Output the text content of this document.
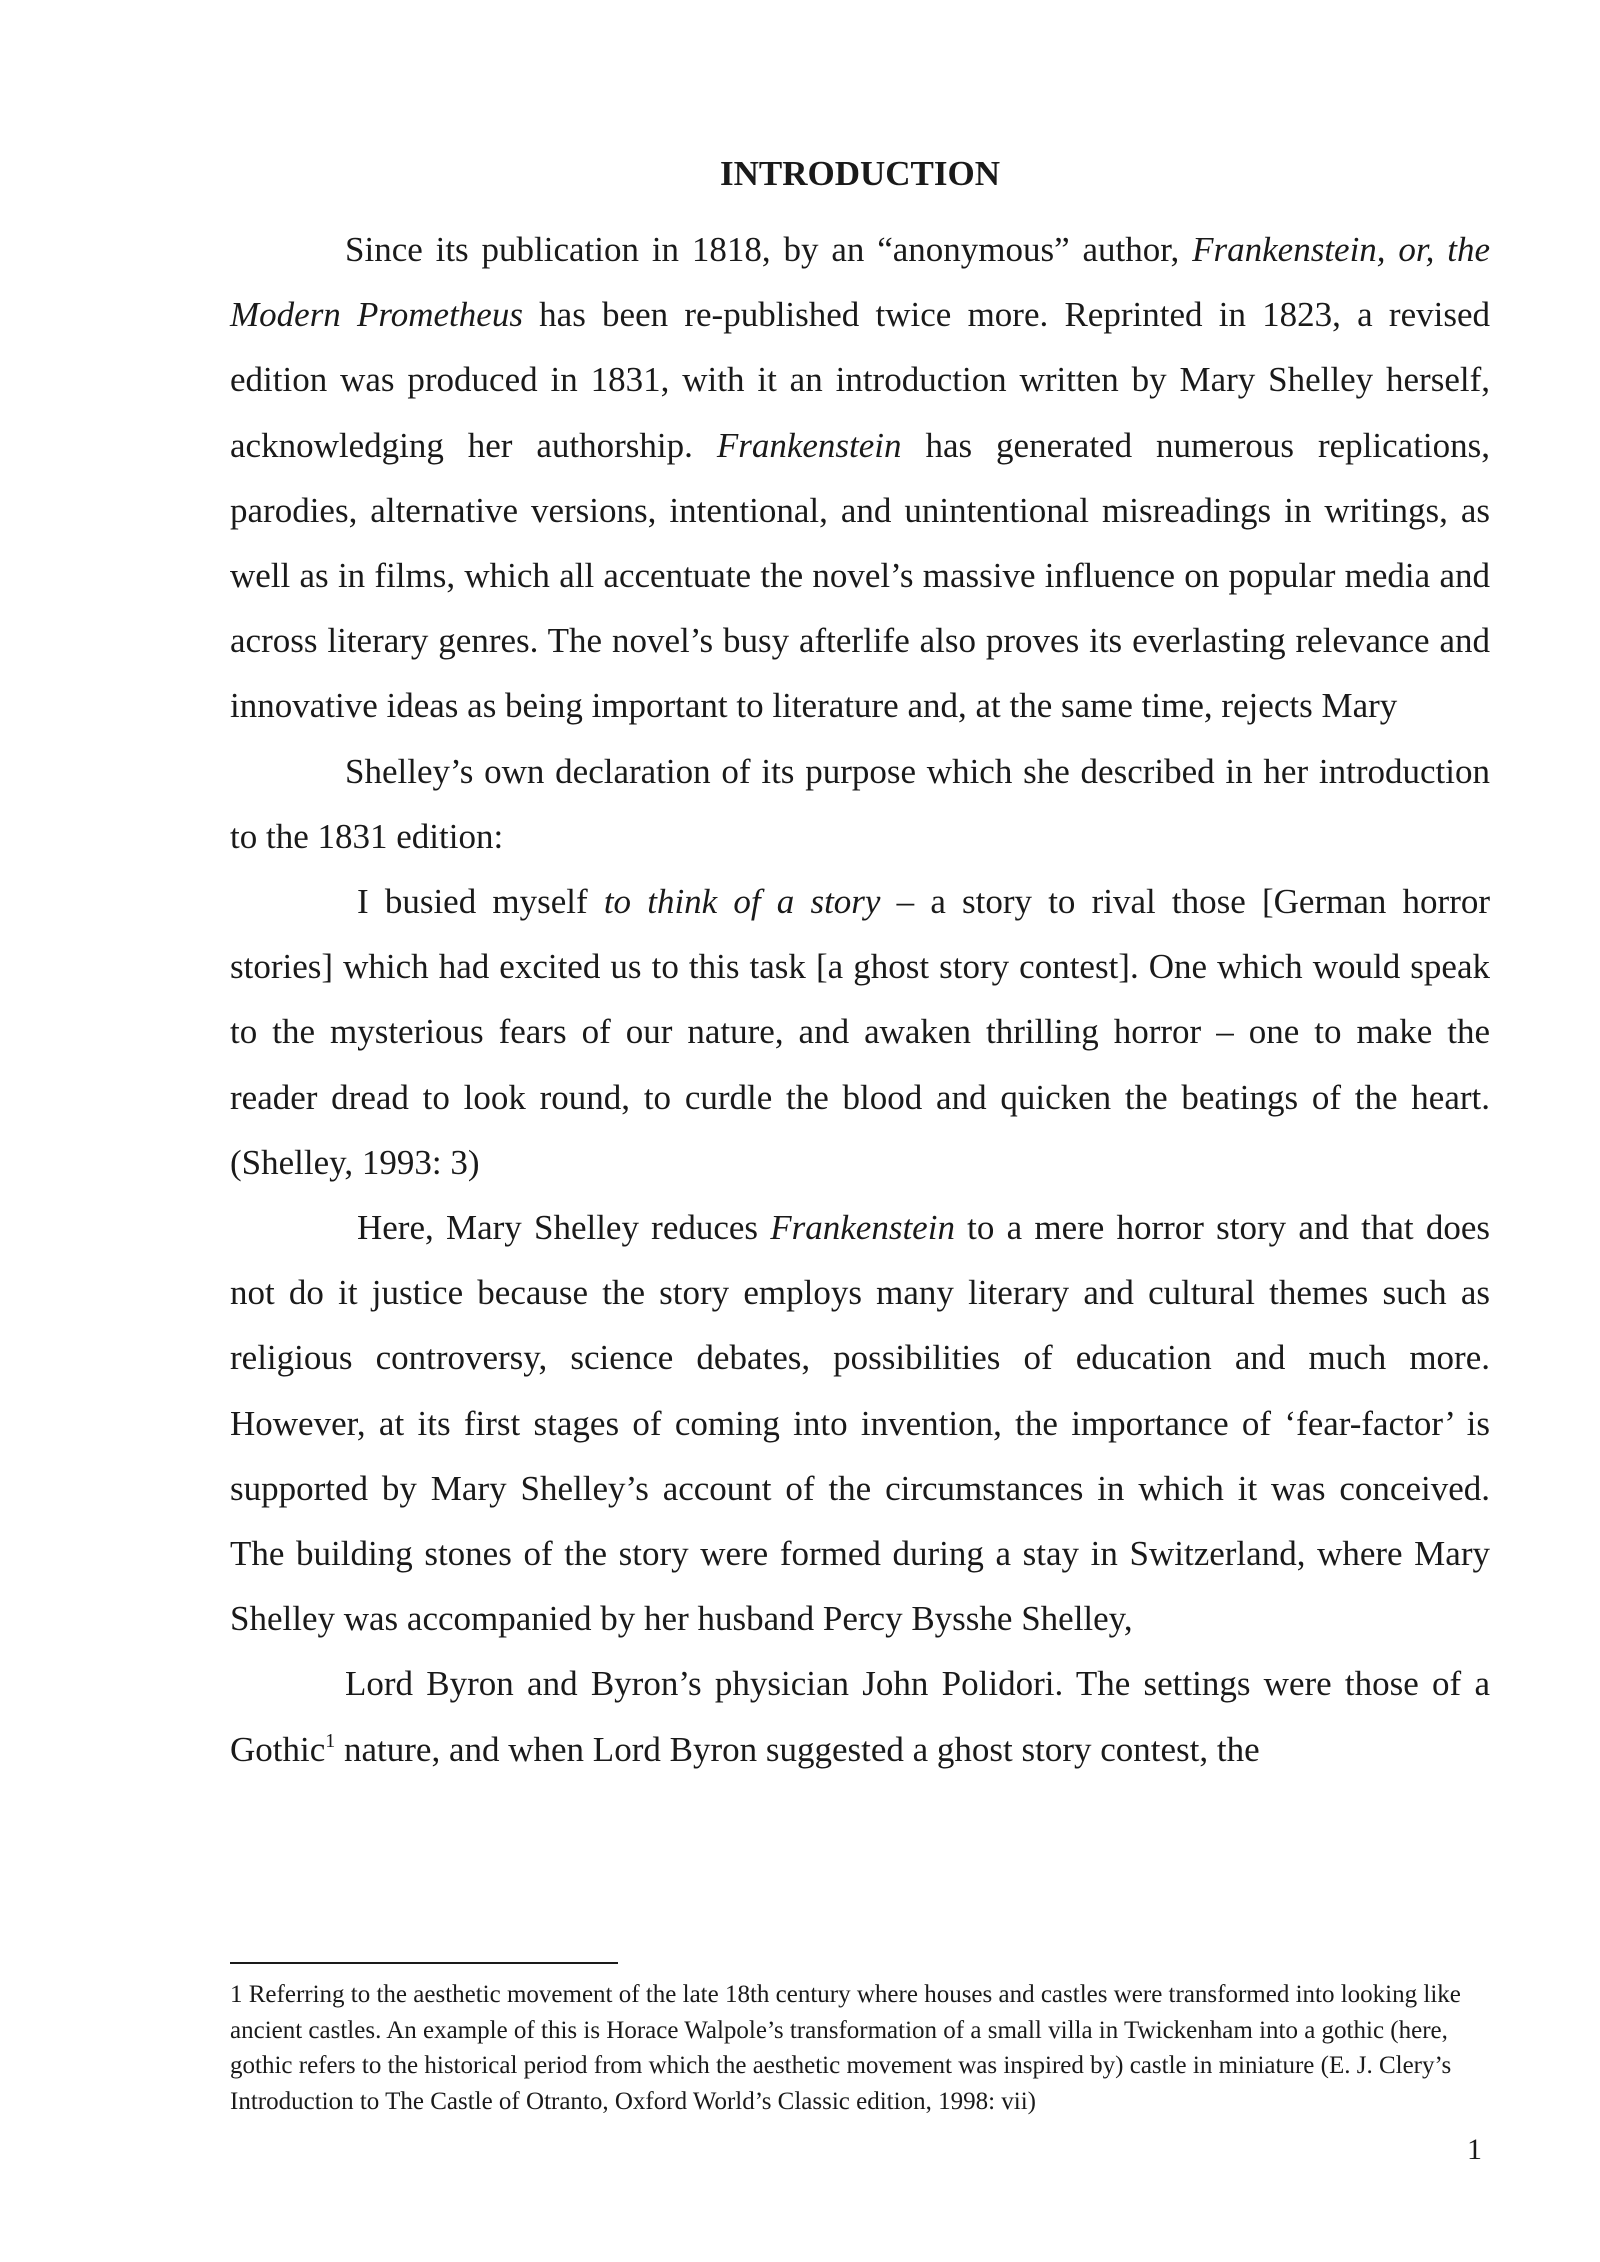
INTRODUCTION

Since its publication in 1818, by an “anonymous” author, Frankenstein, or, the Modern Prometheus has been re-published twice more. Reprinted in 1823, a revised edition was produced in 1831, with it an introduction written by Mary Shelley herself, acknowledging her authorship. Frankenstein has generated numerous replications, parodies, alternative versions, intentional, and unintentional misreadings in writings, as well as in films, which all accentuate the novel’s massive influence on popular media and across literary genres. The novel’s busy afterlife also proves its everlasting relevance and innovative ideas as being important to literature and, at the same time, rejects Mary

Shelley’s own declaration of its purpose which she described in her introduction to the 1831 edition:

I busied myself to think of a story – a story to rival those [German horror stories] which had excited us to this task [a ghost story contest]. One which would speak to the mysterious fears of our nature, and awaken thrilling horror – one to make the reader dread to look round, to curdle the blood and quicken the beatings of the heart. (Shelley, 1993: 3)

Here, Mary Shelley reduces Frankenstein to a mere horror story and that does not do it justice because the story employs many literary and cultural themes such as religious controversy, science debates, possibilities of education and much more. However, at its first stages of coming into invention, the importance of ‘fear-factor’ is supported by Mary Shelley’s account of the circumstances in which it was conceived. The building stones of the story were formed during a stay in Switzerland, where Mary Shelley was accompanied by her husband Percy Bysshe Shelley,

Lord Byron and Byron’s physician John Polidori. The settings were those of a Gothic$^1$ nature, and when Lord Byron suggested a ghost story contest, the

1 Referring to the aesthetic movement of the late 18th century where houses and castles were transformed into looking like ancient castles. An example of this is Horace Walpole’s transformation of a small villa in Twickenham into a gothic (here, gothic refers to the historical period from which the aesthetic movement was inspired by) castle in miniature (E. J. Clery’s Introduction to The Castle of Otranto, Oxford World’s Classic edition, 1998: vii)

1
